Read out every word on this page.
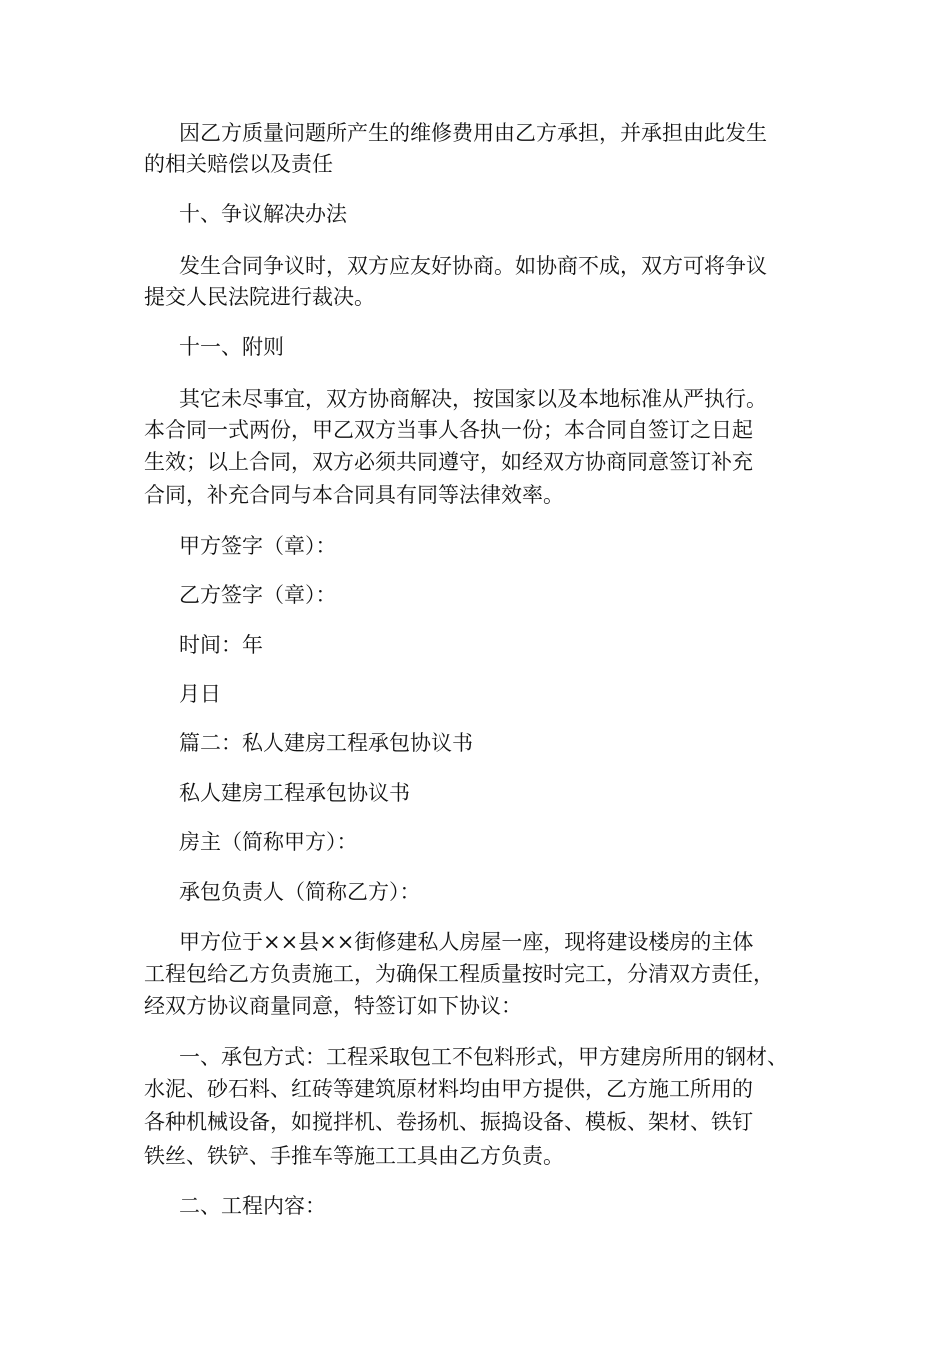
因乙方质量问题所产生的维修费用由乙方承担，并承担由此发生
的相关赔偿以及责任
十、争议解决办法
发生合同争议时，双方应友好协商。如协商不成，双方可将争议
提交人民法院进行裁决。
十一、附则
其它未尽事宜，双方协商解决，按国家以及本地标准从严执行。
本合同一式两份，甲乙双方当事人各执一份；本合同自签订之日起
生效；以上合同，双方必须共同遵守，如经双方协商同意签订补充
合同，补充合同与本合同具有同等法律效率。
甲方签字（章）：
乙方签字（章）：
时间：年
月日
篇二：私人建房工程承包协议书
私人建房工程承包协议书
房主（简称甲方）：
承包负责人（简称乙方）：
甲方位于××县××街修建私人房屋一座，现将建设楼房的主体
工程包给乙方负责施工，为确保工程质量按时完工，分清双方责任，
经双方协议商量同意，特签订如下协议：
一、承包方式：工程采取包工不包料形式，甲方建房所用的钢材、
水泥、砂石料、红砖等建筑原材料均由甲方提供，乙方施工所用的
各种机械设备，如搅拌机、卷扬机、振捣设备、模板、架材、铁钉
铁丝、铁铲、手推车等施工工具由乙方负责。
二、工程内容：
